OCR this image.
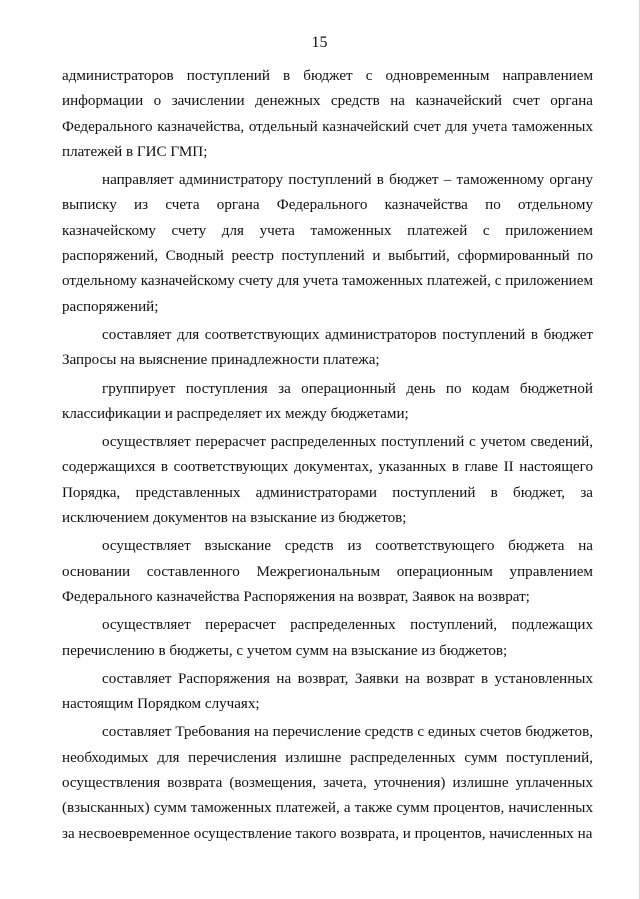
15

администраторов поступлений в бюджет с одновременным направлением информации о зачислении денежных средств на казначейский счет органа Федерального казначейства, отдельный казначейский счет для учета таможенных платежей в ГИС ГМП;

направляет администратору поступлений в бюджет – таможенному органу выписку из счета органа Федерального казначейства по отдельному казначейскому счету для учета таможенных платежей с приложением распоряжений, Сводный реестр поступлений и выбытий, сформированный по отдельному казначейскому счету для учета таможенных платежей, с приложением распоряжений;

составляет для соответствующих администраторов поступлений в бюджет Запросы на выяснение принадлежности платежа;

группирует поступления за операционный день по кодам бюджетной классификации и распределяет их между бюджетами;

осуществляет перерасчет распределенных поступлений с учетом сведений, содержащихся в соответствующих документах, указанных в главе II настоящего Порядка, представленных администраторами поступлений в бюджет, за исключением документов на взыскание из бюджетов;

осуществляет взыскание средств из соответствующего бюджета на основании составленного Межрегиональным операционным управлением Федерального казначейства Распоряжения на возврат, Заявок на возврат;

осуществляет перерасчет распределенных поступлений, подлежащих перечислению в бюджеты, с учетом сумм на взыскание из бюджетов;

составляет Распоряжения на возврат, Заявки на возврат в установленных настоящим Порядком случаях;

составляет Требования на перечисление средств с единых счетов бюджетов, необходимых для перечисления излишне распределенных сумм поступлений, осуществления возврата (возмещения, зачета, уточнения) излишне уплаченных (взысканных) сумм таможенных платежей, а также сумм процентов, начисленных за несвоевременное осуществление такого возврата, и процентов, начисленных на
